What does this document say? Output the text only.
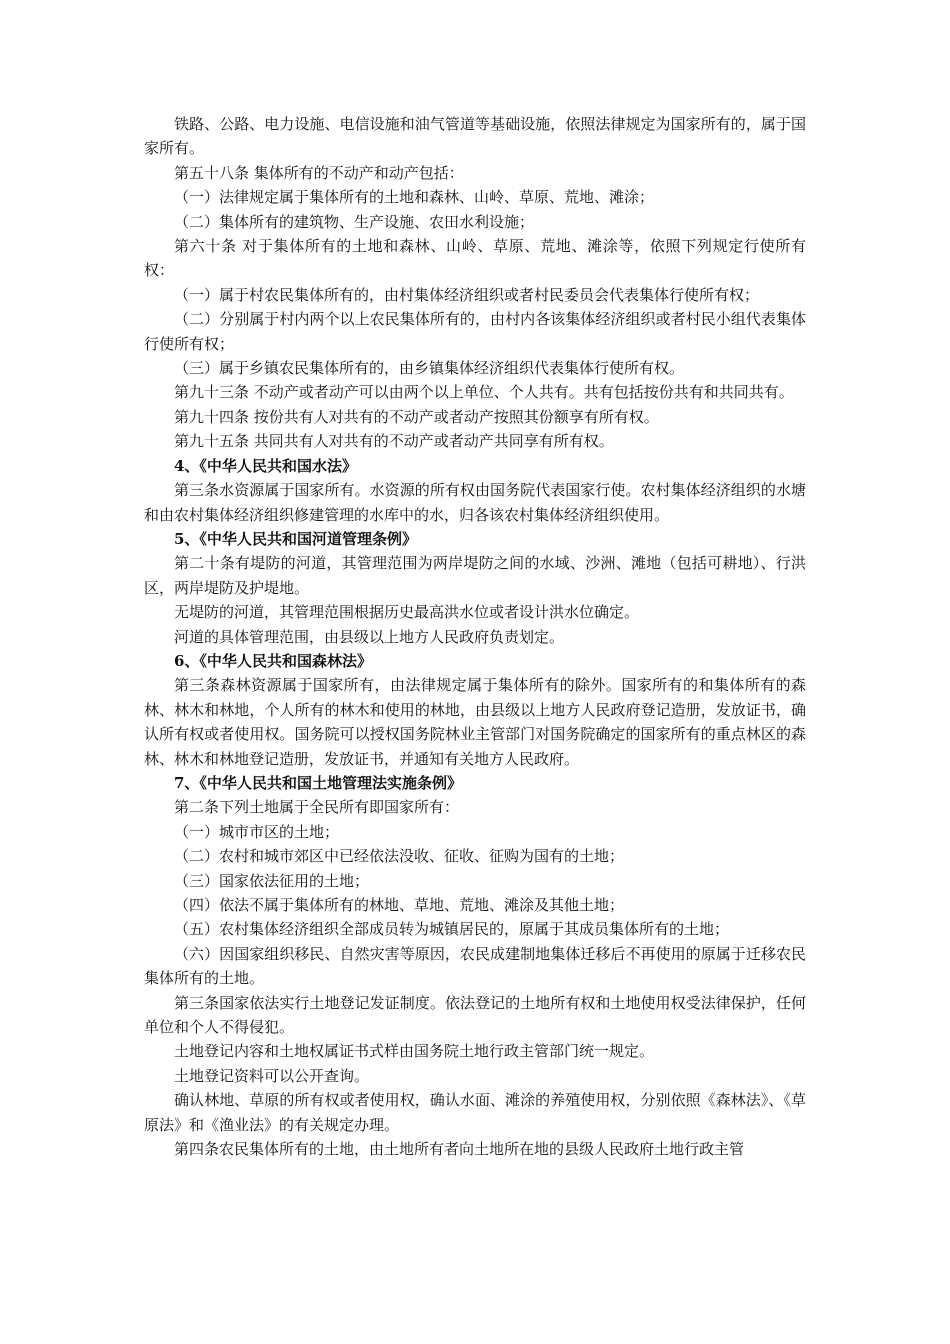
铁路、公路、电力设施、电信设施和油气管道等基础设施，依照法律规定为国家所有的，属于国家所有。

第五十八条 集体所有的不动产和动产包括：

（一）法律规定属于集体所有的土地和森林、山岭、草原、荒地、滩涂；

（二）集体所有的建筑物、生产设施、农田水利设施；

第六十条 对于集体所有的土地和森林、山岭、草原、荒地、滩涂等，依照下列规定行使所有权：

（一）属于村农民集体所有的，由村集体经济组织或者村民委员会代表集体行使所有权；

（二）分别属于村内两个以上农民集体所有的，由村内各该集体经济组织或者村民小组代表集体行使所有权；

（三）属于乡镇农民集体所有的，由乡镇集体经济组织代表集体行使所有权。

第九十三条 不动产或者动产可以由两个以上单位、个人共有。共有包括按份共有和共同共有。

第九十四条 按份共有人对共有的不动产或者动产按照其份额享有所有权。

第九十五条 共同共有人对共有的不动产或者动产共同享有所有权。

4、《中华人民共和国水法》

第三条水资源属于国家所有。水资源的所有权由国务院代表国家行使。农村集体经济组织的水塘和由农村集体经济组织修建管理的水库中的水，归各该农村集体经济组织使用。

5、《中华人民共和国河道管理条例》

第二十条有堤防的河道，其管理范围为两岸堤防之间的水域、沙洲、滩地（包括可耕地）、行洪区，两岸堤防及护堤地。

无堤防的河道，其管理范围根据历史最高洪水位或者设计洪水位确定。

河道的具体管理范围，由县级以上地方人民政府负责划定。

6、《中华人民共和国森林法》

第三条森林资源属于国家所有，由法律规定属于集体所有的除外。国家所有的和集体所有的森林、林木和林地，个人所有的林木和使用的林地，由县级以上地方人民政府登记造册，发放证书，确认所有权或者使用权。国务院可以授权国务院林业主管部门对国务院确定的国家所有的重点林区的森林、林木和林地登记造册，发放证书，并通知有关地方人民政府。

7、《中华人民共和国土地管理法实施条例》

第二条下列土地属于全民所有即国家所有：

（一）城市市区的土地；

（二）农村和城市郊区中已经依法没收、征收、征购为国有的土地；

（三）国家依法征用的土地；

（四）依法不属于集体所有的林地、草地、荒地、滩涂及其他土地；

（五）农村集体经济组织全部成员转为城镇居民的，原属于其成员集体所有的土地；

（六）因国家组织移民、自然灾害等原因，农民成建制地集体迁移后不再使用的原属于迁移农民集体所有的土地。

第三条国家依法实行土地登记发证制度。依法登记的土地所有权和土地使用权受法律保护，任何单位和个人不得侵犯。

土地登记内容和土地权属证书式样由国务院土地行政主管部门统一规定。

土地登记资料可以公开查询。

确认林地、草原的所有权或者使用权，确认水面、滩涂的养殖使用权，分别依照《森林法》、《草原法》和《渔业法》的有关规定办理。

第四条农民集体所有的土地，由土地所有者向土地所在地的县级人民政府土地行政主管
